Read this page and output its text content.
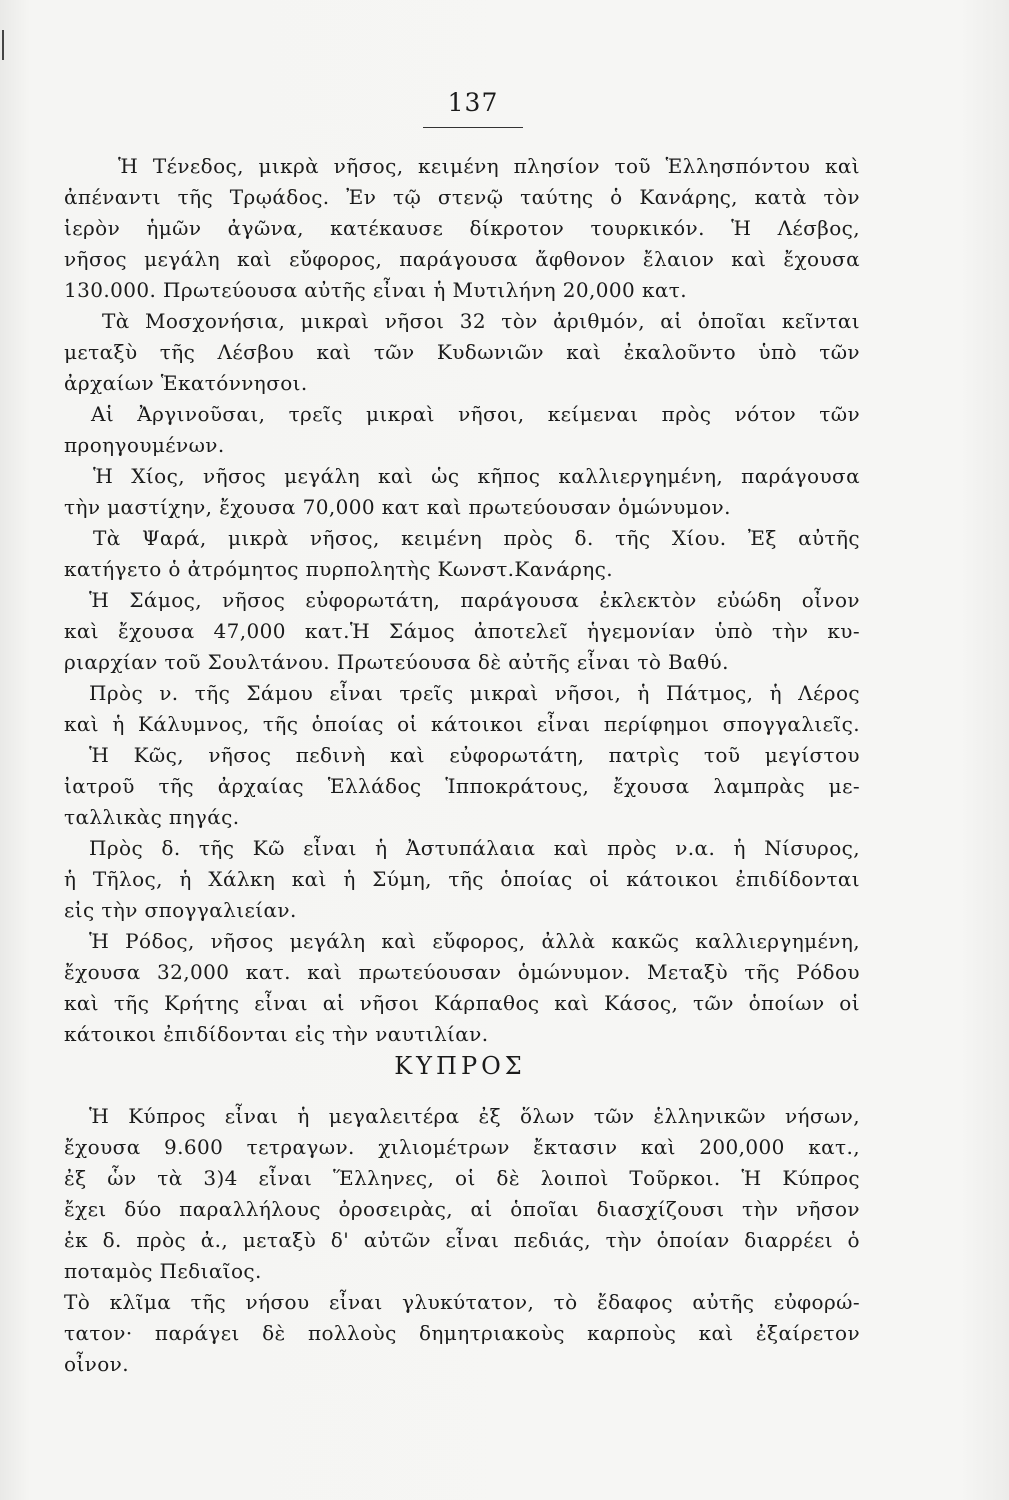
137
Ἡ Τένεδος, μικρὰ νῆσος, κειμένη πλησίον τοῦ Ἑλλησπόντου καὶ
ἀπέναντι τῆς Τρῳάδος. Ἐν τῷ στενῷ ταύτης ὁ Κανάρης, κατὰ τὸν
ἱερὸν ἡμῶν ἀγῶνα, κατέκαυσε δίκροτον τουρκικόν. Ἡ Λέσβος,
νῆσος μεγάλη καὶ εὔφορος, παράγουσα ἄφθονον ἔλαιον καὶ ἔχουσα
130.000. Πρωτεύουσα αὐτῆς εἶναι ἡ Μυτιλήνη 20,000 κατ.
Τὰ Μοσχονήσια, μικραὶ νῆσοι 32 τὸν ἀριθμόν, αἱ ὁποῖαι κεῖνται
μεταξὺ τῆς Λέσβου καὶ τῶν Κυδωνιῶν καὶ ἐκαλοῦντο ὑπὸ τῶν
ἀρχαίων Ἑκατόννησοι.
Αἱ Ἀργινοῦσαι, τρεῖς μικραὶ νῆσοι, κείμεναι πρὸς νότον τῶν
προηγουμένων.
Ἡ Χίος, νῆσος μεγάλη καὶ ὡς κῆπος καλλιεργημένη, παράγουσα
τὴν μαστίχην, ἔχουσα 70,000 κατ καὶ πρωτεύουσαν ὁμώνυμον.
Τὰ Ψαρά, μικρὰ νῆσος, κειμένη πρὸς δ. τῆς Χίου. Ἐξ αὐτῆς
κατήγετο ὁ ἀτρόμητος πυρπολητὴς Κωνστ.Κανάρης.
Ἡ Σάμος, νῆσος εὐφορωτάτη, παράγουσα ἐκλεκτὸν εὐώδη οἶνον
καὶ ἔχουσα 47,000 κατ.Ἡ Σάμος ἀποτελεῖ ἡγεμονίαν ὑπὸ τὴν κυ-
ριαρχίαν τοῦ Σουλτάνου. Πρωτεύουσα δὲ αὐτῆς εἶναι τὸ Βαθύ.
Πρὸς ν. τῆς Σάμου εἶναι τρεῖς μικραὶ νῆσοι, ἡ Πάτμος, ἡ Λέρος
καὶ ἡ Κάλυμνος, τῆς ὁποίας οἱ κάτοικοι εἶναι περίφημοι σπογγαλιεῖς.
Ἡ Κῶς, νῆσος πεδινὴ καὶ εὐφορωτάτη, πατρὶς τοῦ μεγίστου
ἰατροῦ τῆς ἀρχαίας Ἑλλάδος Ἱπποκράτους, ἔχουσα λαμπρὰς με-
ταλλικὰς πηγάς.
Πρὸς δ. τῆς Κῶ εἶναι ἡ Ἀστυπάλαια καὶ πρὸς ν.α. ἡ Νίσυρος,
ἡ Τῆλος, ἡ Χάλκη καὶ ἡ Σύμη, τῆς ὁποίας οἱ κάτοικοι ἐπιδίδονται
εἰς τὴν σπογγαλιείαν.
Ἡ Ρόδος, νῆσος μεγάλη καὶ εὔφορος, ἀλλὰ κακῶς καλλιεργημένη,
ἔχουσα 32,000 κατ. καὶ πρωτεύουσαν ὁμώνυμον. Μεταξὺ τῆς Ρόδου
καὶ τῆς Κρήτης εἶναι αἱ νῆσοι Κάρπαθος καὶ Κάσος, τῶν ὁποίων οἱ
κάτοικοι ἐπιδίδονται εἰς τὴν ναυτιλίαν.
ΚΥΠΡΟΣ
Ἡ Κύπρος εἶναι ἡ μεγαλειτέρα ἐξ ὅλων τῶν ἑλληνικῶν νήσων,
ἔχουσα 9.600 τετραγων. χιλιομέτρων ἔκτασιν καὶ 200,000 κατ.,
ἐξ ὧν τὰ 3)4 εἶναι Ἕλληνες, οἱ δὲ λοιποὶ Τοῦρκοι. Ἡ Κύπρος
ἔχει δύο παραλλήλους ὀροσειρὰς, αἱ ὁποῖαι διασχίζουσι τὴν νῆσον
ἐκ δ. πρὸς ἀ., μεταξὺ δ' αὐτῶν εἶναι πεδιάς, τὴν ὁποίαν διαρρέει ὁ
ποταμὸς Πεδιαῖος.
Τὸ κλῖμα τῆς νήσου εἶναι γλυκύτατον, τὸ ἔδαφος αὐτῆς εὐφορώ-
τατον· παράγει δὲ πολλοὺς δημητριακοὺς καρποὺς καὶ ἐξαίρετον
οἶνον.
